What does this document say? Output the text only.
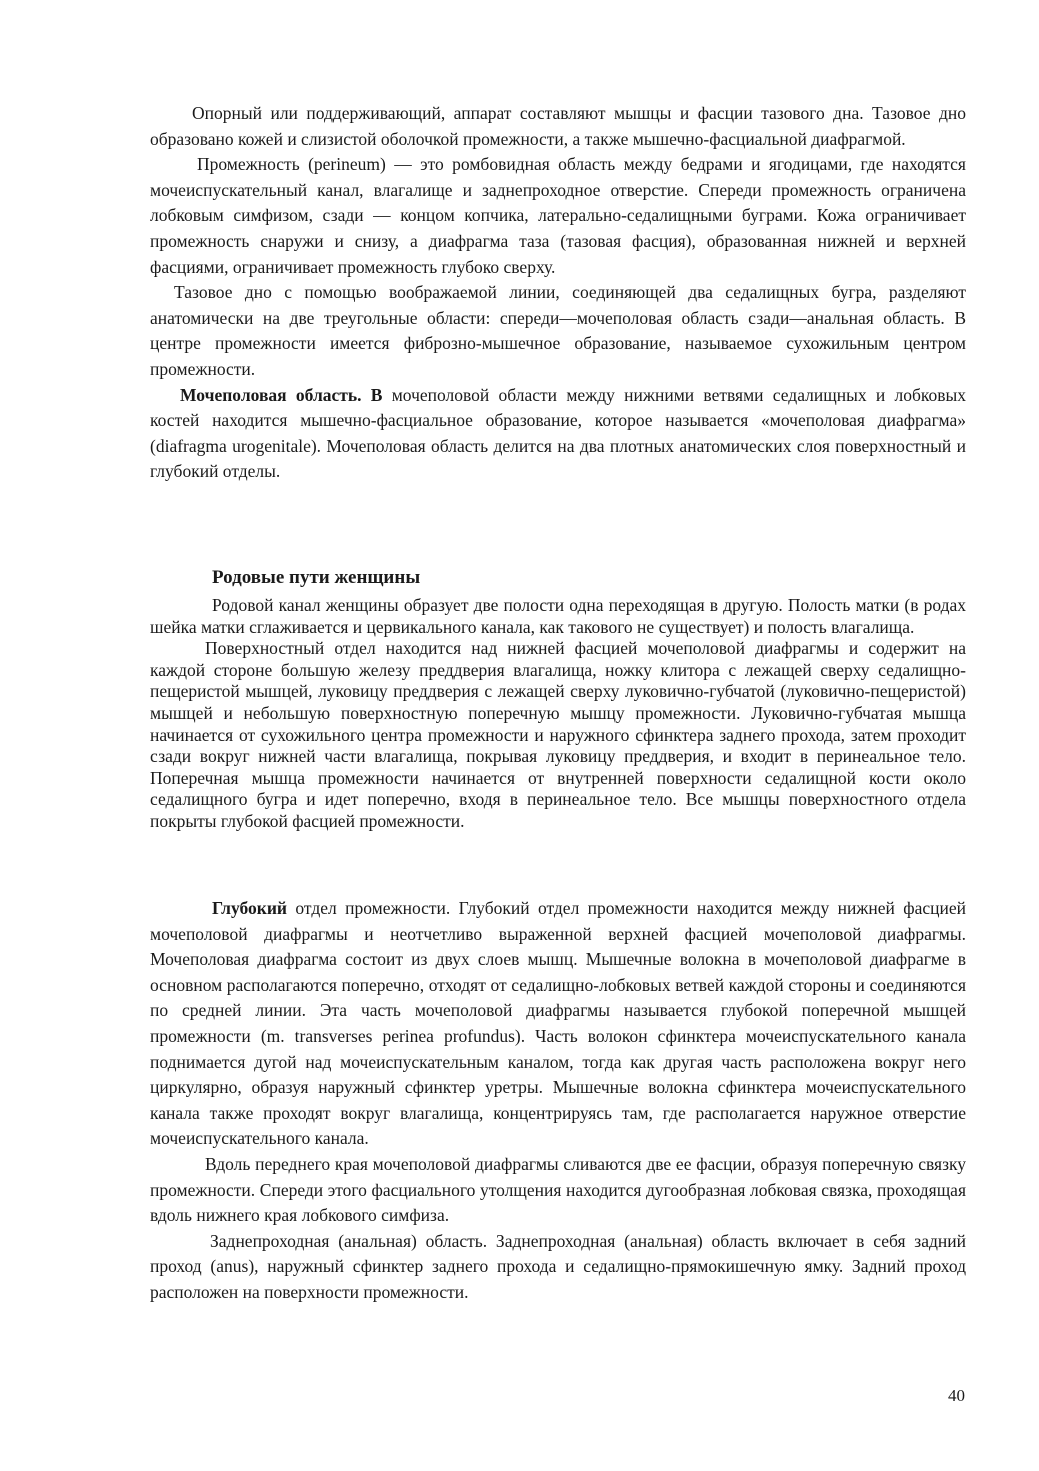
Опорный или поддерживающий, аппарат составляют мышцы и фасции тазового дна. Тазовое дно образовано кожей и слизистой оболочкой промежности, а также мышечно-фасциальной диафрагмой.

Промежность (perineum) — это ромбовидная область между бедрами и ягодицами, где находятся мочеиспускательный канал, влагалище и заднепроходное отверстие. Спереди промежность ограничена лобковым симфизом, сзади — концом копчика, латерально-седалищными буграми. Кожа ограничивает промежность снаружи и снизу, а диафрагма таза (тазовая фасция), образованная нижней и верхней фасциями, ограничивает промежность глубоко сверху.

Тазовое дно с помощью воображаемой линии, соединяющей два седалищных бугра, разделяют анатомически на две треугольные области: спереди—мочеполовая область сзади—анальная область. В центре промежности имеется фиброзно-мышечное образование, называемое сухожильным центром промежности.

Мочеполовая область. В мочеполовой области между нижними ветвями седалищных и лобковых костей находится мышечно-фасциальное образование, которое называется «мочеполовая диафрагма» (diafragma urogenitale). Мочеполовая область делится на два плотных анатомических слоя поверхностный и глубокий отделы.

Родовые пути женщины

Родовой канал женщины образует две полости одна переходящая в другую. Полость матки (в родах шейка матки сглаживается и цервикального канала, как такового не существует) и полость влагалища.

Поверхностный отдел находится над нижней фасцией мочеполовой диафрагмы и содержит на каждой стороне большую железу преддверия влагалища, ножку клитора с лежащей сверху седалищно-пещеристой мышцей, луковицу преддверия с лежащей сверху луковично-губчатой (луковично-пещеристой) мышцей и небольшую поверхностную поперечную мышцу промежности. Луковично-губчатая мышца начинается от сухожильного центра промежности и наружного сфинктера заднего прохода, затем проходит сзади вокруг нижней части влагалища, покрывая луковицу преддверия, и входит в перинеальное тело. Поперечная мышца промежности начинается от внутренней поверхности седалищной кости около седалищного бугра и идет поперечно, входя в перинеальное тело. Все мышцы поверхностного отдела покрыты глубокой фасцией промежности.

Глубокий отдел промежности. Глубокий отдел промежности находится между нижней фасцией мочеполовой диафрагмы и неотчетливо выраженной верхней фасцией мочеполовой диафрагмы. Мочеполовая диафрагма состоит из двух слоев мышц. Мышечные волокна в мочеполовой диафрагме в основном располагаются поперечно, отходят от седалищно-лобковых ветвей каждой стороны и соединяются по средней линии. Эта часть мочеполовой диафрагмы называется глубокой поперечной мышцей промежности (m. transverses perinea profundus). Часть волокон сфинктера мочеиспускательного канала поднимается дугой над мочеиспускательным каналом, тогда как другая часть расположена вокруг него циркулярно, образуя наружный сфинктер уретры. Мышечные волокна сфинктера мочеиспускательного канала также проходят вокруг влагалища, концентрируясь там, где располагается наружное отверстие мочеиспускательного канала.

Вдоль переднего края мочеполовой диафрагмы сливаются две ее фасции, образуя поперечную связку промежности. Спереди этого фасциального утолщения находится дугообразная лобковая связка, проходящая вдоль нижнего края лобкового симфиза.

Заднепроходная (анальная) область. Заднепроходная (анальная) область включает в себя задний проход (anus), наружный сфинктер заднего прохода и седалищно-прямокишечную ямку. Задний проход расположен на поверхности промежности.

40
